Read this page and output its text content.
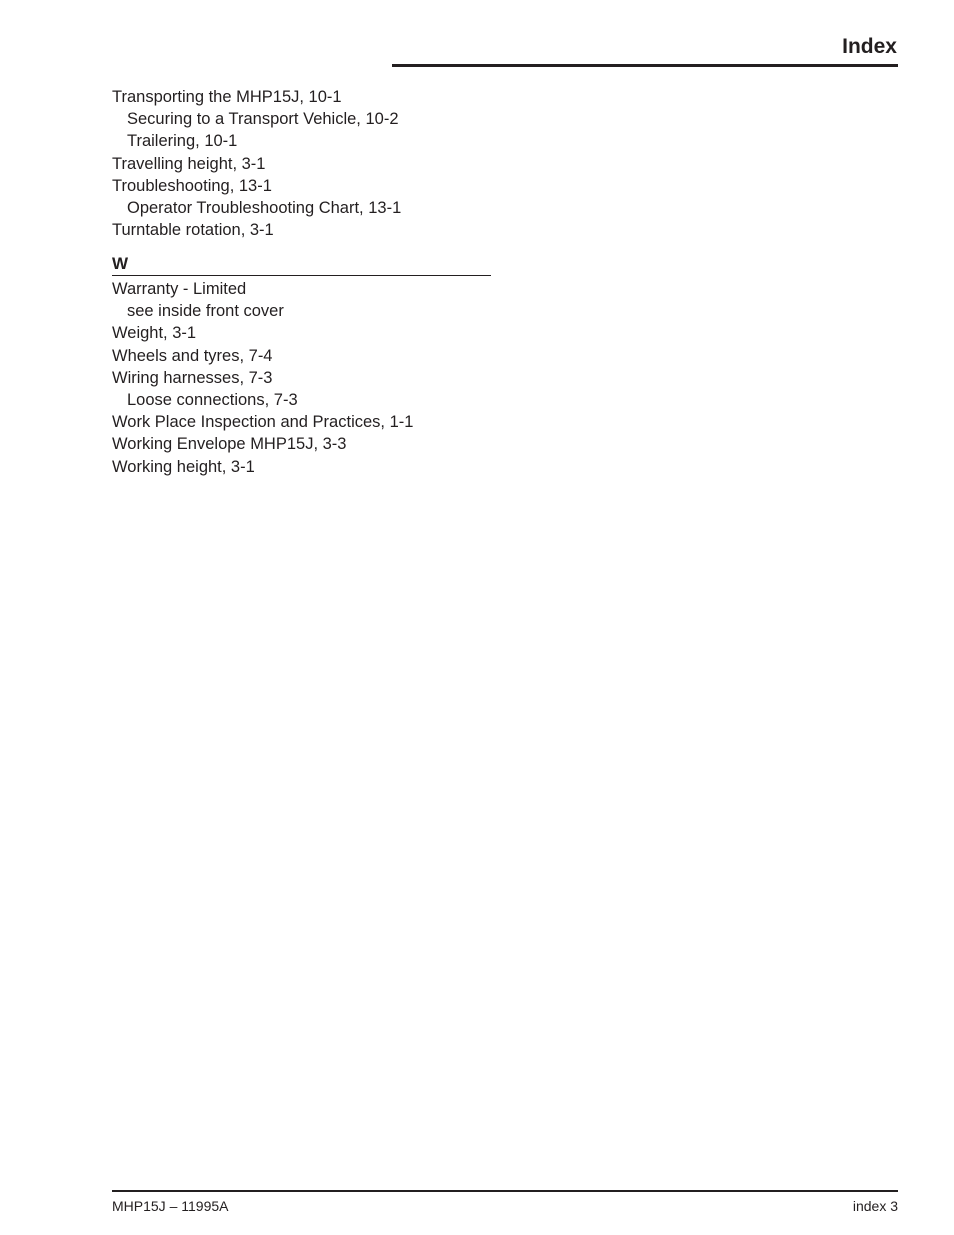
Index
Transporting the MHP15J, 10-1
Securing to a Transport Vehicle, 10-2
Trailering, 10-1
Travelling height, 3-1
Troubleshooting, 13-1
Operator Troubleshooting Chart, 13-1
Turntable rotation, 3-1
W
Warranty - Limited
see inside front cover
Weight, 3-1
Wheels and tyres, 7-4
Wiring harnesses, 7-3
Loose connections, 7-3
Work Place Inspection and Practices, 1-1
Working Envelope MHP15J, 3-3
Working height, 3-1
MHP15J – 11995A	index 3
